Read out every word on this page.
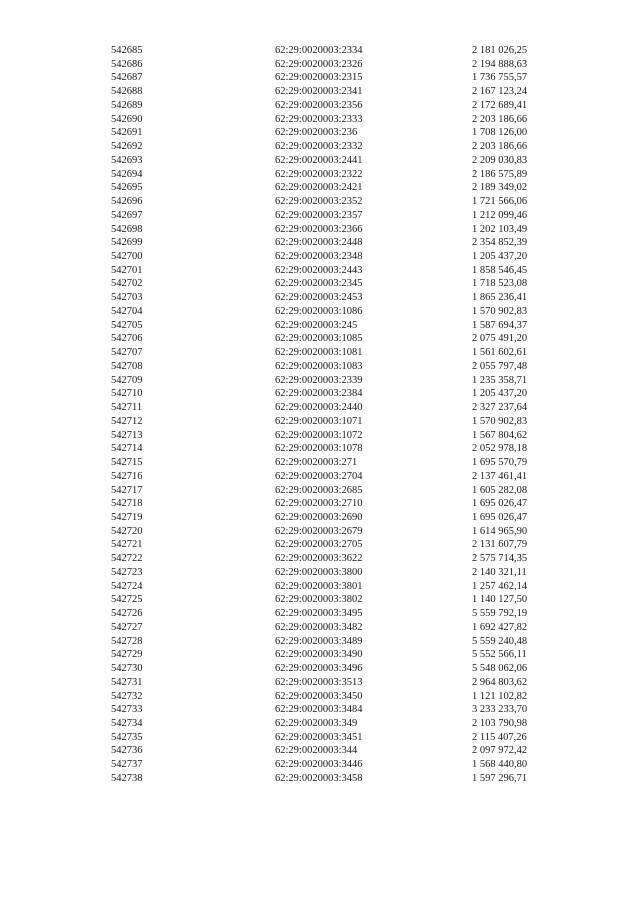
542685	62:29:0020003:2334	2 181 026,25
542686	62:29:0020003:2326	2 194 888,63
542687	62:29:0020003:2315	1 736 755,57
542688	62:29:0020003:2341	2 167 123,24
542689	62:29:0020003:2356	2 172 689,41
542690	62:29:0020003:2333	2 203 186,66
542691	62:29:0020003:236	1 708 126,00
542692	62:29:0020003:2332	2 203 186,66
542693	62:29:0020003:2441	2 209 030,83
542694	62:29:0020003:2322	2 186 575,89
542695	62:29:0020003:2421	2 189 349,02
542696	62:29:0020003:2352	1 721 566,06
542697	62:29:0020003:2357	1 212 099,46
542698	62:29:0020003:2366	1 202 103,49
542699	62:29:0020003:2448	2 354 852,39
542700	62:29:0020003:2348	1 205 437,20
542701	62:29:0020003:2443	1 858 546,45
542702	62:29:0020003:2345	1 718 523,08
542703	62:29:0020003:2453	1 865 236,41
542704	62:29:0020003:1086	1 570 902,83
542705	62:29:0020003:245	1 587 694,37
542706	62:29:0020003:1085	2 075 491,20
542707	62:29:0020003:1081	1 561 602,61
542708	62:29:0020003:1083	2 055 797,48
542709	62:29:0020003:2339	1 235 358,71
542710	62:29:0020003:2384	1 205 437,20
542711	62:29:0020003:2440	2 327 237,64
542712	62:29:0020003:1071	1 570 902,83
542713	62:29:0020003:1072	1 567 804,62
542714	62:29:0020003:1078	2 052 978,18
542715	62:29:0020003:271	1 695 570,79
542716	62:29:0020003:2704	2 137 461,41
542717	62:29:0020003:2685	1 605 282,08
542718	62:29:0020003:2710	1 695 026,47
542719	62:29:0020003:2690	1 695 026,47
542720	62:29:0020003:2679	1 614 965,90
542721	62:29:0020003:2705	2 131 607,79
542722	62:29:0020003:3622	2 575 714,35
542723	62:29:0020003:3800	2 140 321,11
542724	62:29:0020003:3801	1 257 462,14
542725	62:29:0020003:3802	1 140 127,50
542726	62:29:0020003:3495	5 559 792,19
542727	62:29:0020003:3482	1 692 427,82
542728	62:29:0020003:3489	5 559 240,48
542729	62:29:0020003:3490	5 552 566,11
542730	62:29:0020003:3496	5 548 062,06
542731	62:29:0020003:3513	2 964 803,62
542732	62:29:0020003:3450	1 121 102,82
542733	62:29:0020003:3484	3 233 233,70
542734	62:29:0020003:349	2 103 790,98
542735	62:29:0020003:3451	2 115 407,26
542736	62:29:0020003:344	2 097 972,42
542737	62:29:0020003:3446	1 568 440,80
542738	62:29:0020003:3458	1 597 296,71
